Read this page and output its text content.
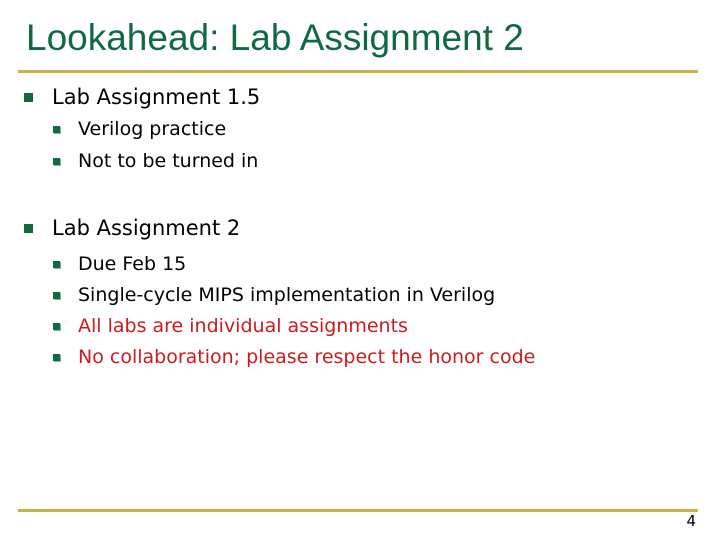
Lookahead: Lab Assignment 2
Lab Assignment 1.5
Verilog practice
Not to be turned in
Lab Assignment 2
Due Feb 15
Single-cycle MIPS implementation in Verilog
All labs are individual assignments
No collaboration; please respect the honor code
4
